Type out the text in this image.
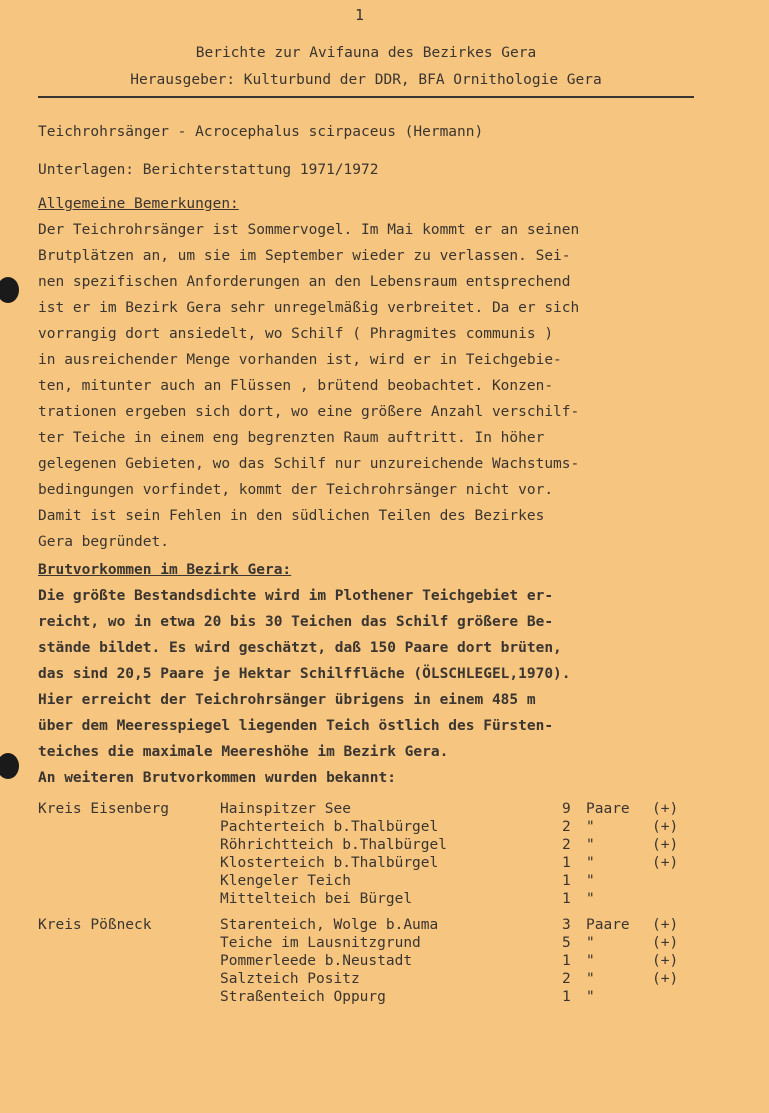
1
Berichte zur Avifauna des Bezirkes Gera
Herausgeber: Kulturbund der DDR, BFA Ornithologie Gera
Teichrohrsänger - Acrocephalus scirpaceus (Hermann)
Unterlagen: Berichterstattung 1971/1972
Allgemeine Bemerkungen:
Der Teichrohrsänger ist Sommervogel. Im Mai kommt er an seinen
Brutplätzen an, um sie im September wieder zu verlassen. Sei-
nen spezifischen Anforderungen an den Lebensraum entsprechend
ist er im Bezirk Gera sehr unregelmäßig verbreitet. Da er sich
vorrangig dort ansiedelt, wo Schilf ( Phragmites communis )
in ausreichender Menge vorhanden ist, wird er in Teichgebie-
ten, mitunter auch an Flüssen , brütend beobachtet. Konzen-
trationen ergeben sich dort, wo eine größere Anzahl verschilf-
ter Teiche in einem eng begrenzten Raum auftritt. In höher
gelegenen Gebieten, wo das Schilf nur unzureichende Wachstums-
bedingungen vorfindet, kommt der Teichrohrsänger nicht vor.
Damit ist sein Fehlen in den südlichen Teilen des Bezirkes
Gera begründet.
Brutvorkommen im Bezirk Gera:
Die größte Bestandsdichte wird im Plothener Teichgebiet er-
reicht, wo in etwa 20 bis 30 Teichen das Schilf größere Be-
stände bildet. Es wird geschätzt, daß 150 Paare dort brüten,
das sind 20,5 Paare je Hektar Schilffläche (ÖLSCHLEGEL,1970).
Hier erreicht der Teichrohrsänger übrigens in einem 485 m
über dem Meeresspiegel liegenden Teich östlich des Fürsten-
teiches die maximale Meereshöhe im Bezirk Gera.
An weiteren Brutvorkommen wurden bekannt:
Kreis Eisenberg	Hainspitzer See	9 Paare (+)
Pachterteich b.Thalbürgel	2 "	(+)
Röhrichtteich b.Thalbürgel	2 "	(+)
Klosterteich b.Thalbürgel	1 "	(+)
Klengeler Teich	1 "
Mittelteich bei Bürgel	1 "
Kreis Pößneck	Starenteich, Wolge b.Auma	3 Paare (+)
Teiche im Lausnitzgrund	5 "	(+)
Pommerleede b.Neustadt	1 "	(+)
Salzteich Positz	2 "	(+)
Straßenteich Oppurg	1 "
